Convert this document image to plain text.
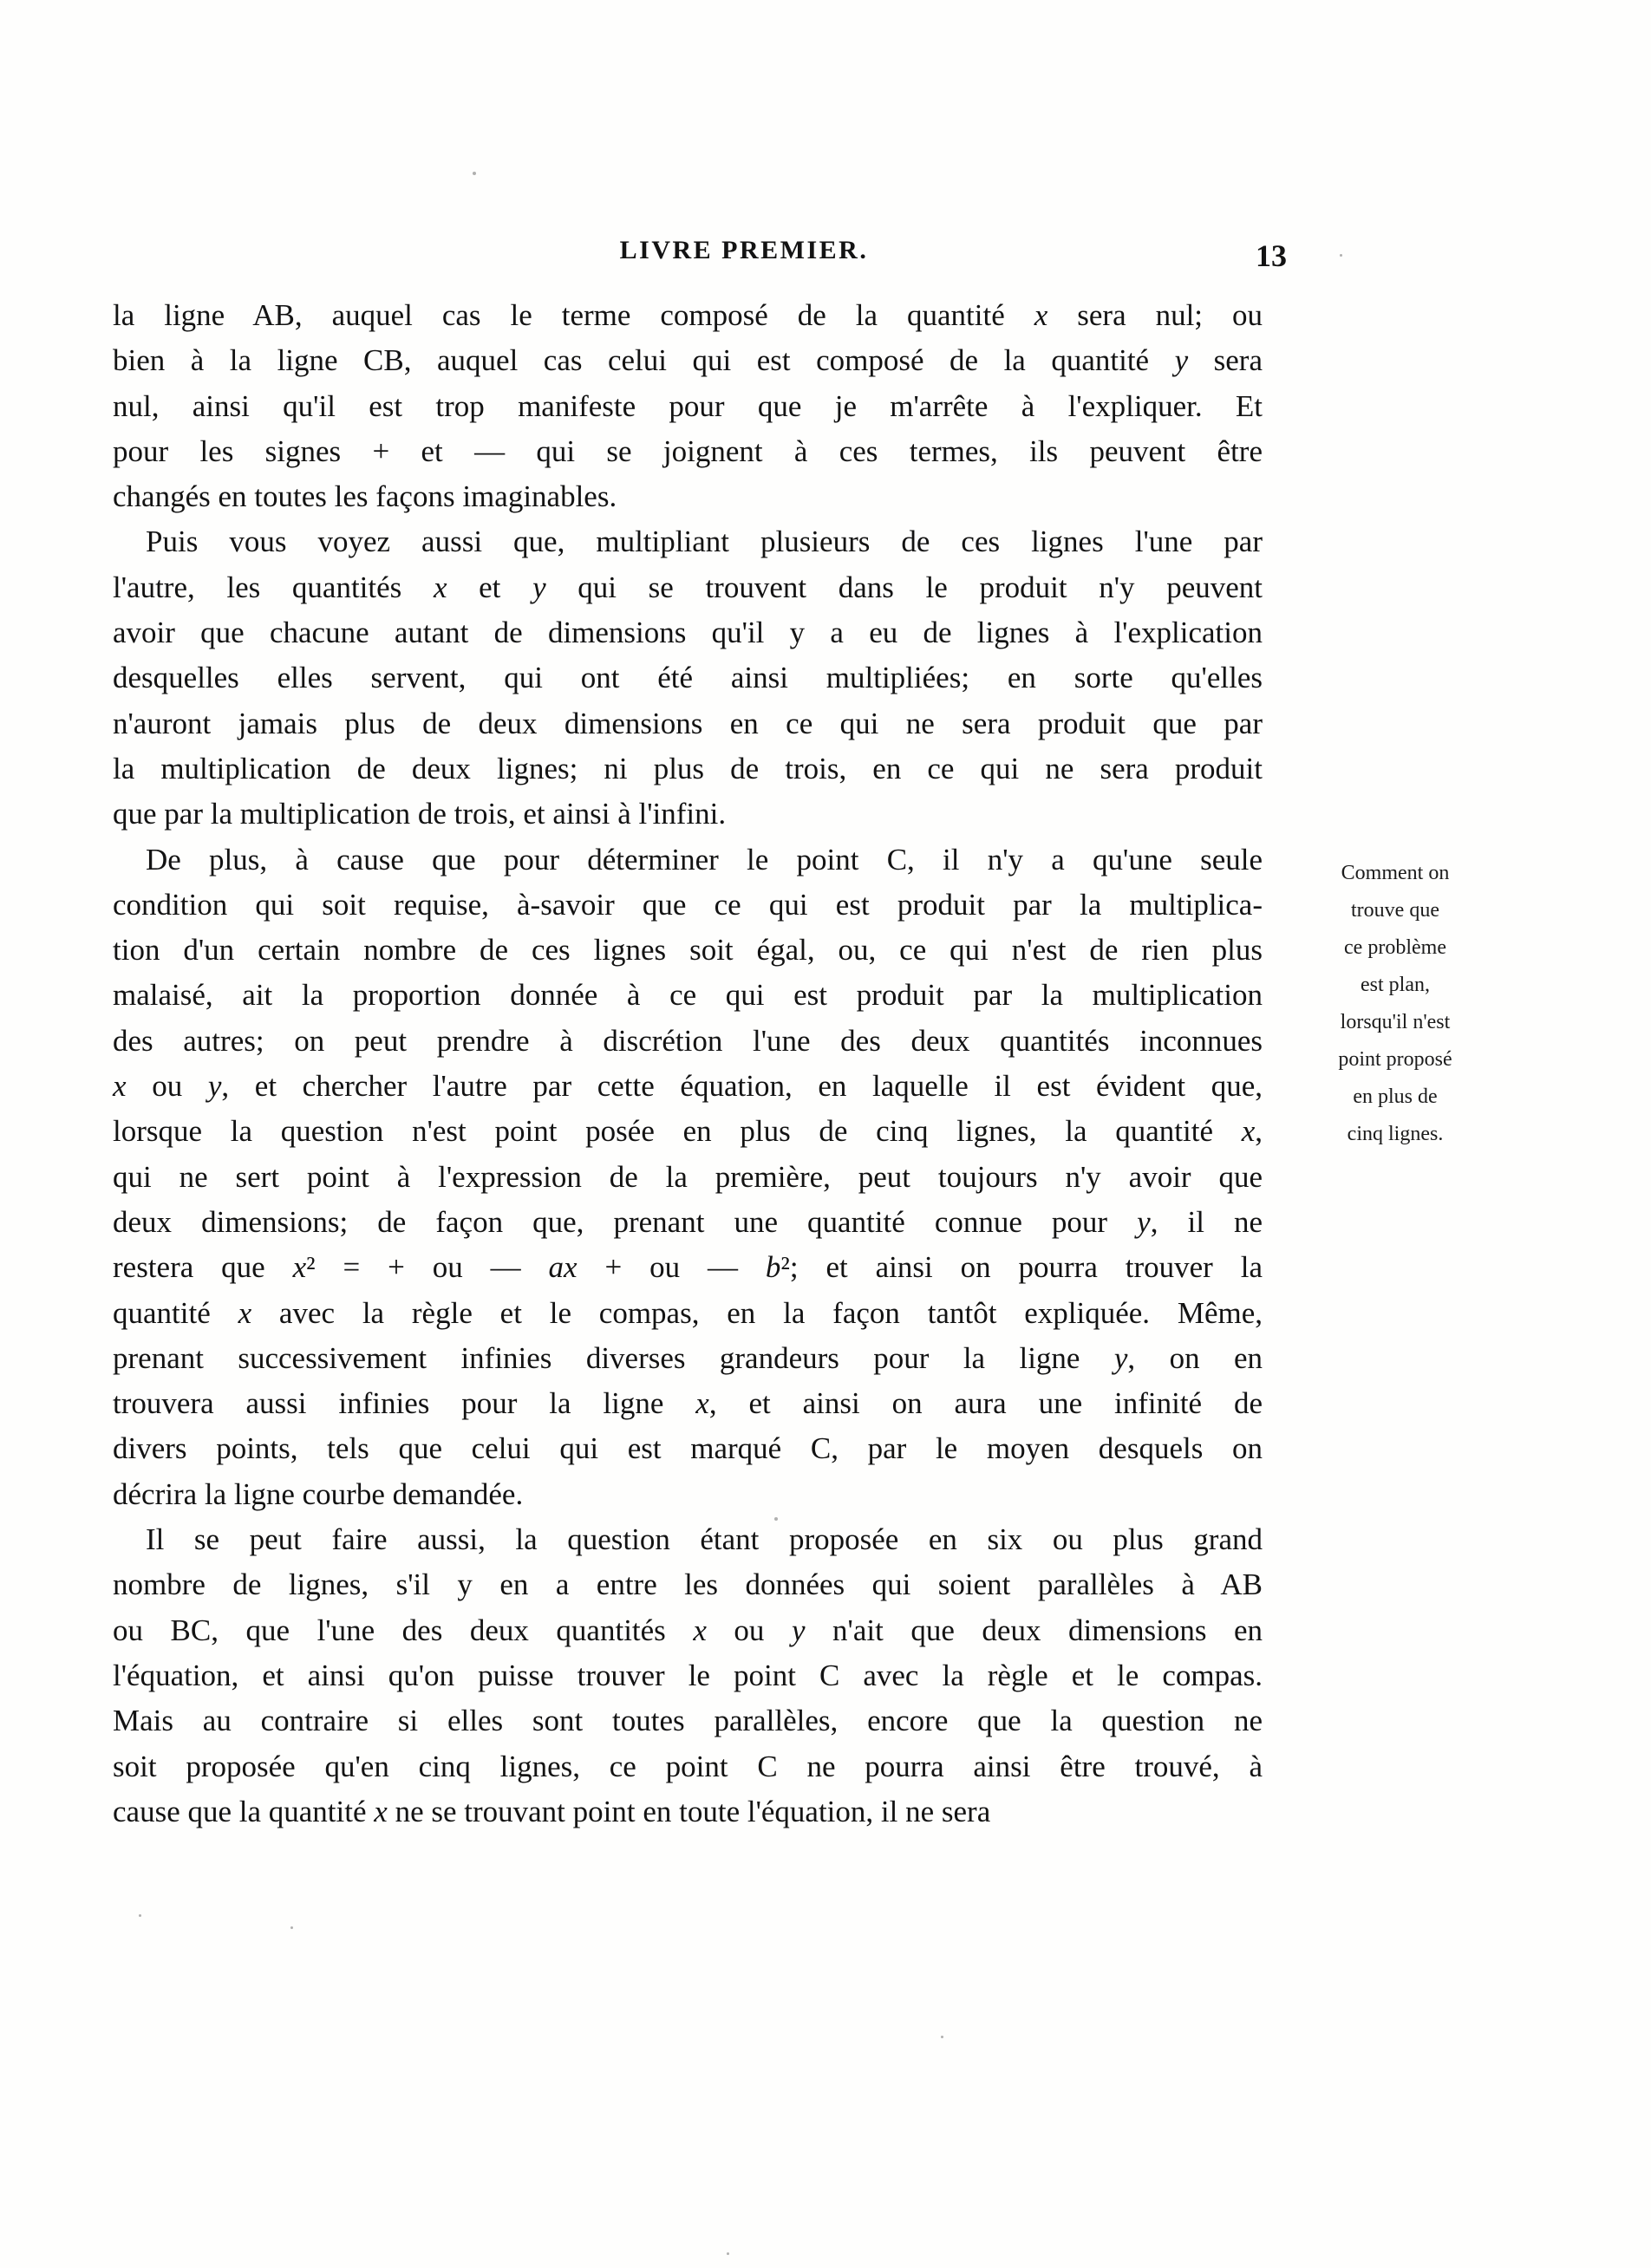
LIVRE PREMIER.	13
la ligne AB, auquel cas le terme composé de la quantité x sera nul; ou
bien à la ligne CB, auquel cas celui qui est composé de la quantité y sera
nul, ainsi qu'il est trop manifeste pour que je m'arrête à l'expliquer. Et
pour les signes + et — qui se joignent à ces termes, ils peuvent être
changés en toutes les façons imaginables.
Puis vous voyez aussi que, multipliant plusieurs de ces lignes l'une par
l'autre, les quantités x et y qui se trouvent dans le produit n'y peuvent
avoir que chacune autant de dimensions qu'il y a eu de lignes à l'explication
desquelles elles servent, qui ont été ainsi multipliées; en sorte qu'elles
n'auront jamais plus de deux dimensions en ce qui ne sera produit que par
la multiplication de deux lignes; ni plus de trois, en ce qui ne sera produit
que par la multiplication de trois, et ainsi à l'infini.
De plus, à cause que pour déterminer le point C, il n'y a qu'une seule
condition qui soit requise, à-savoir que ce qui est produit par la multiplica-
tion d'un certain nombre de ces lignes soit égal, ou, ce qui n'est de rien plus
malaisé, ait la proportion donnée à ce qui est produit par la multiplication
des autres; on peut prendre à discrétion l'une des deux quantités inconnues
x ou y, et chercher l'autre par cette équation, en laquelle il est évident que,
lorsque la question n'est point posée en plus de cinq lignes, la quantité x,
qui ne sert point à l'expression de la première, peut toujours n'y avoir que
deux dimensions; de façon que, prenant une quantité connue pour y, il ne
restera que x² = + ou — ax + ou — b²; et ainsi on pourra trouver la
quantité x avec la règle et le compas, en la façon tantôt expliquée. Même,
prenant successivement infinies diverses grandeurs pour la ligne y, on en
trouvera aussi infinies pour la ligne x, et ainsi on aura une infinité de
divers points, tels que celui qui est marqué C, par le moyen desquels on
décrira la ligne courbe demandée.
Il se peut faire aussi, la question étant proposée en six ou plus grand
nombre de lignes, s'il y en a entre les données qui soient parallèles à AB
ou BC, que l'une des deux quantités x ou y n'ait que deux dimensions en
l'équation, et ainsi qu'on puisse trouver le point C avec la règle et le compas.
Mais au contraire si elles sont toutes parallèles, encore que la question ne
soit proposée qu'en cinq lignes, ce point C ne pourra ainsi être trouvé, à
cause que la quantité x ne se trouvant point en toute l'équation, il ne sera
Comment on
trouve que
ce problème
est plan,
lorsqu'il n'est
point proposé
en plus de
cinq lignes.
